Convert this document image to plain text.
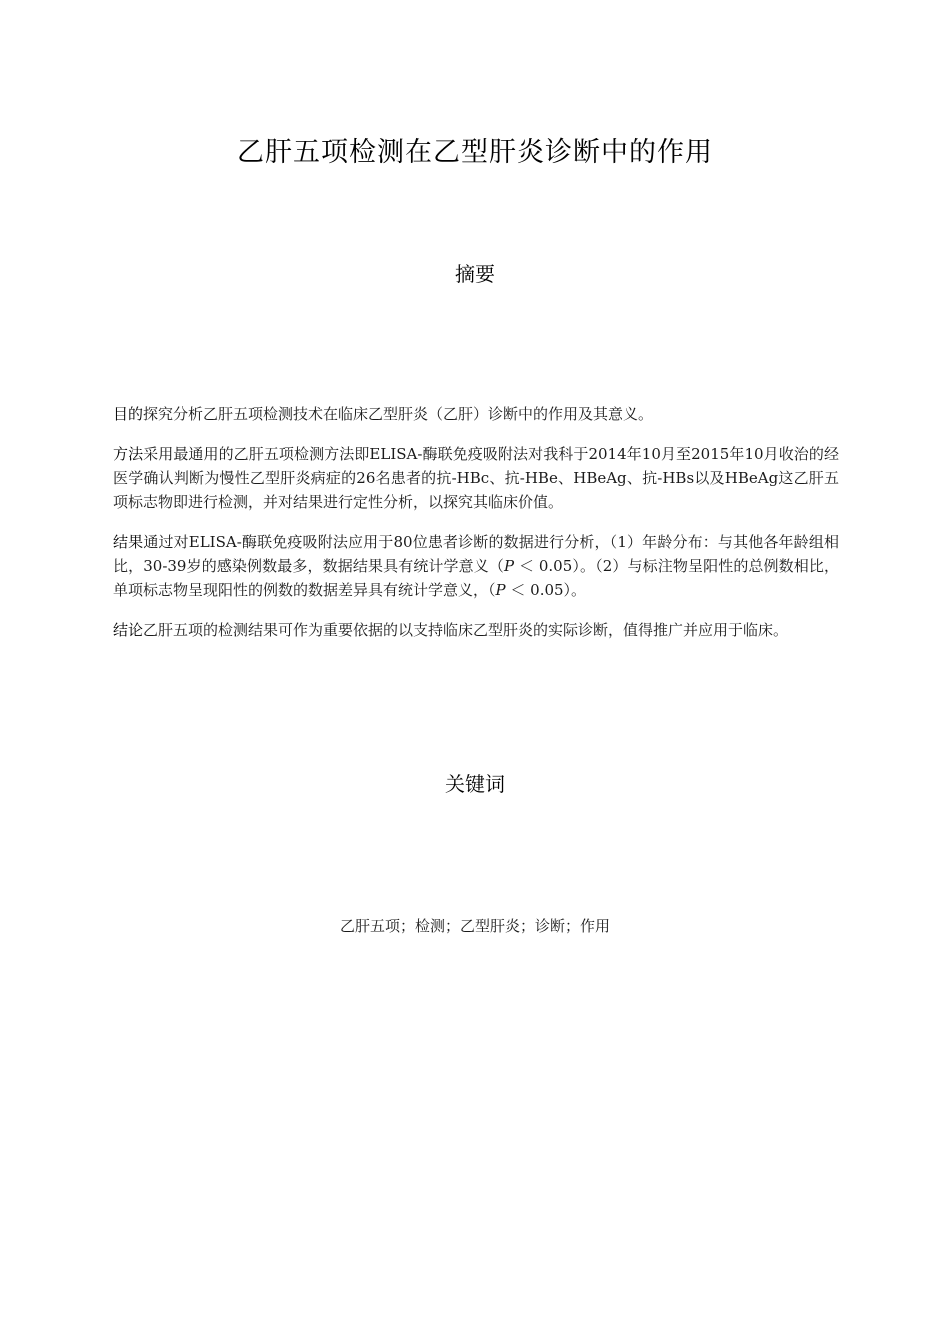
乙肝五项检测在乙型肝炎诊断中的作用
摘要

目的探究分析乙肝五项检测技术在临床乙型肝炎（乙肝）诊断中的作用及其意义。

方法采用最通用的乙肝五项检测方法即ELISA-酶联免疫吸附法对我科于2014年10月至2015年10月收治的经医学确认判断为慢性乙型肝炎病症的26名患者的抗-HBc、抗-HBe、HBeAg、抗-HBs以及HBeAg这乙肝五项标志物即进行检测，并对结果进行定性分析，以探究其临床价值。

结果通过对ELISA-酶联免疫吸附法应用于80位患者诊断的数据进行分析，（1）年龄分布：与其他各年龄组相比，30-39岁的感染例数最多，数据结果具有统计学意义（P ＜ 0.05）。（2）与标注物呈阳性的总例数相比，单项标志物呈现阳性的例数的数据差异具有统计学意义，（P ＜ 0.05）。

结论乙肝五项的检测结果可作为重要依据的以支持临床乙型肝炎的实际诊断，值得推广并应用于临床。

关键词
乙肝五项；检测；乙型肝炎；诊断；作用
